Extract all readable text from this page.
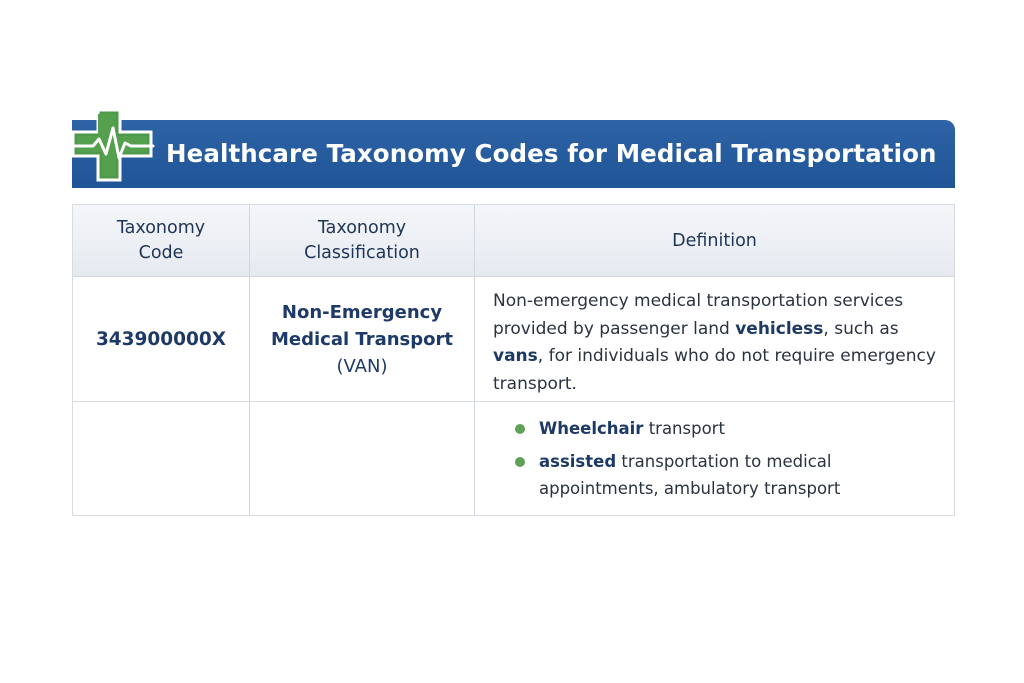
Healthcare Taxonomy Codes for Medical Transportation
Taxonomy
Code
Taxonomy
Classification
Definition
343900000X
Non-Emergency
Medical Transport
(VAN)
Non-emergency medical transportation services provided by passenger land vehicless, such as vans, for individuals who do not require emergency transport.
Wheelchair transport
assisted transportation to medical appointments, ambulatory transport
